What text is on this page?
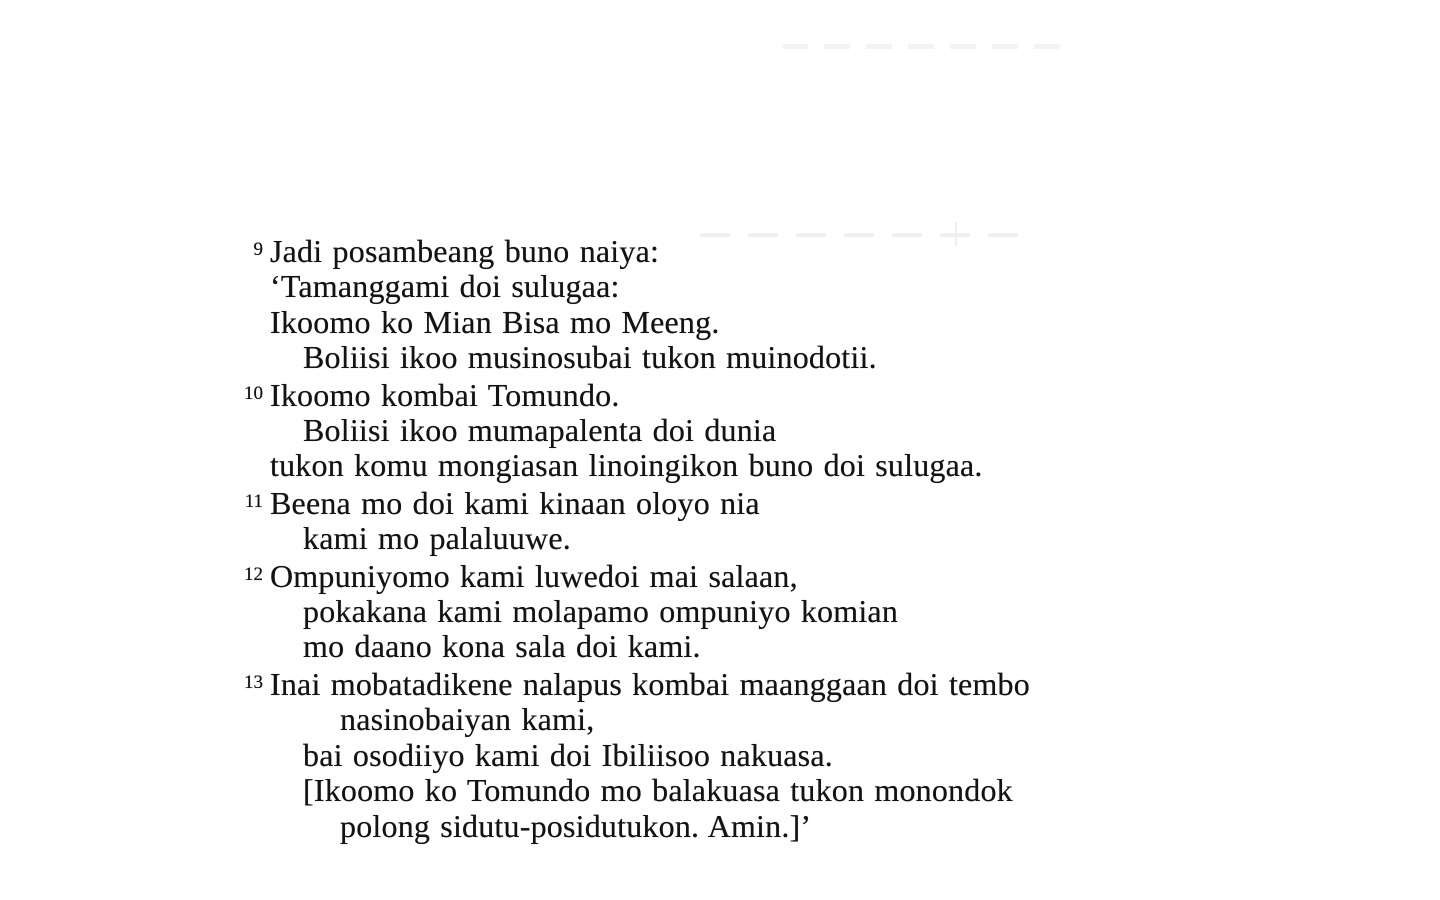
9 Jadi posambeang buno naiya:
‘Tamanggami doi sulugaa:
Ikoomo ko Mian Bisa mo Meeng.
Boliisi ikoo musinosubai tukon muinodotii.
10 Ikoomo kombai Tomundo.
Boliisi ikoo mumapalenta doi dunia
tukon komu mongiasan linoingikon buno doi sulugaa.
11 Beena mo doi kami kinaan oloyo nia
kami mo palaluuwe.
12 Ompuniyomo kami luwedoi mai salaan,
pokakana kami molapamo ompuniyo komian
mo daano kona sala doi kami.
13 Inai mobatadikene nalapus kombai maanggaan doi tembo
nasinobaiyan kami,
bai osodiiyo kami doi Ibiliisoo nakuasa.
[Ikoomo ko Tomundo mo balakuasa tukon monondok
polong sidutu-posidutukon. Amin.]’
